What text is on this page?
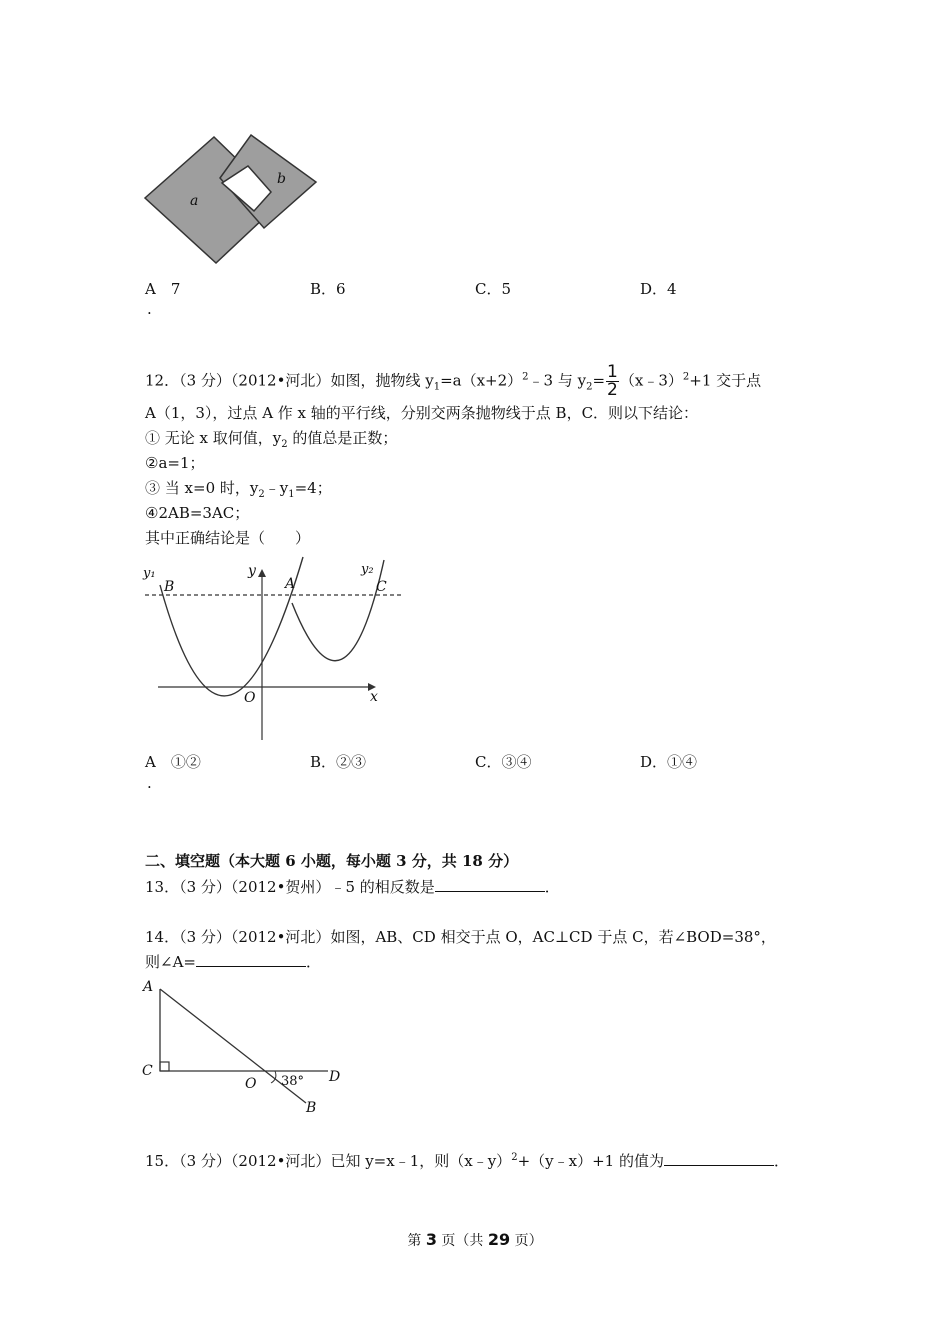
a
b
A　 7	B．6	C．5	D．4
.
12．（3 分）（2012•河北）如图，抛物线 $y_1=a(x+2)^2﹣3$ 与 $y_2= \frac{1}{2}$ （x﹣3）$^2$+1 交于点
A（1，3），过点 A 作 x 轴的平行线，分别交两条抛物线于点 B，C．则以下结论：
① 无论 x 取何值，$y_2$ 的值总是正数；
②a=1；
③ 当 x=0 时，$y_2﹣y_1=4$；
④2AB=3AC；
其中正确结论是（　　）
y₁
B
y
A
y₂
C
O	x
A　 ①②	B．②③	C．③④	D．①④
.
二、填空题（本大题 6 小题，每小题 3 分，共 18 分）
13．（3 分）（2012•贺州）﹣5 的相反数是	．
14．（3 分）（2012•河北）如图，AB、CD 相交于点 O，AC⊥CD 于点 C，若∠BOD=38°，
则∠A=	．
A
C
O 38° D
B
15．（3 分）（2012•河北）已知 y=x﹣1，则（x﹣y）$^2$+（y﹣x）+1 的值为	．
第 3 页（共 29 页）
